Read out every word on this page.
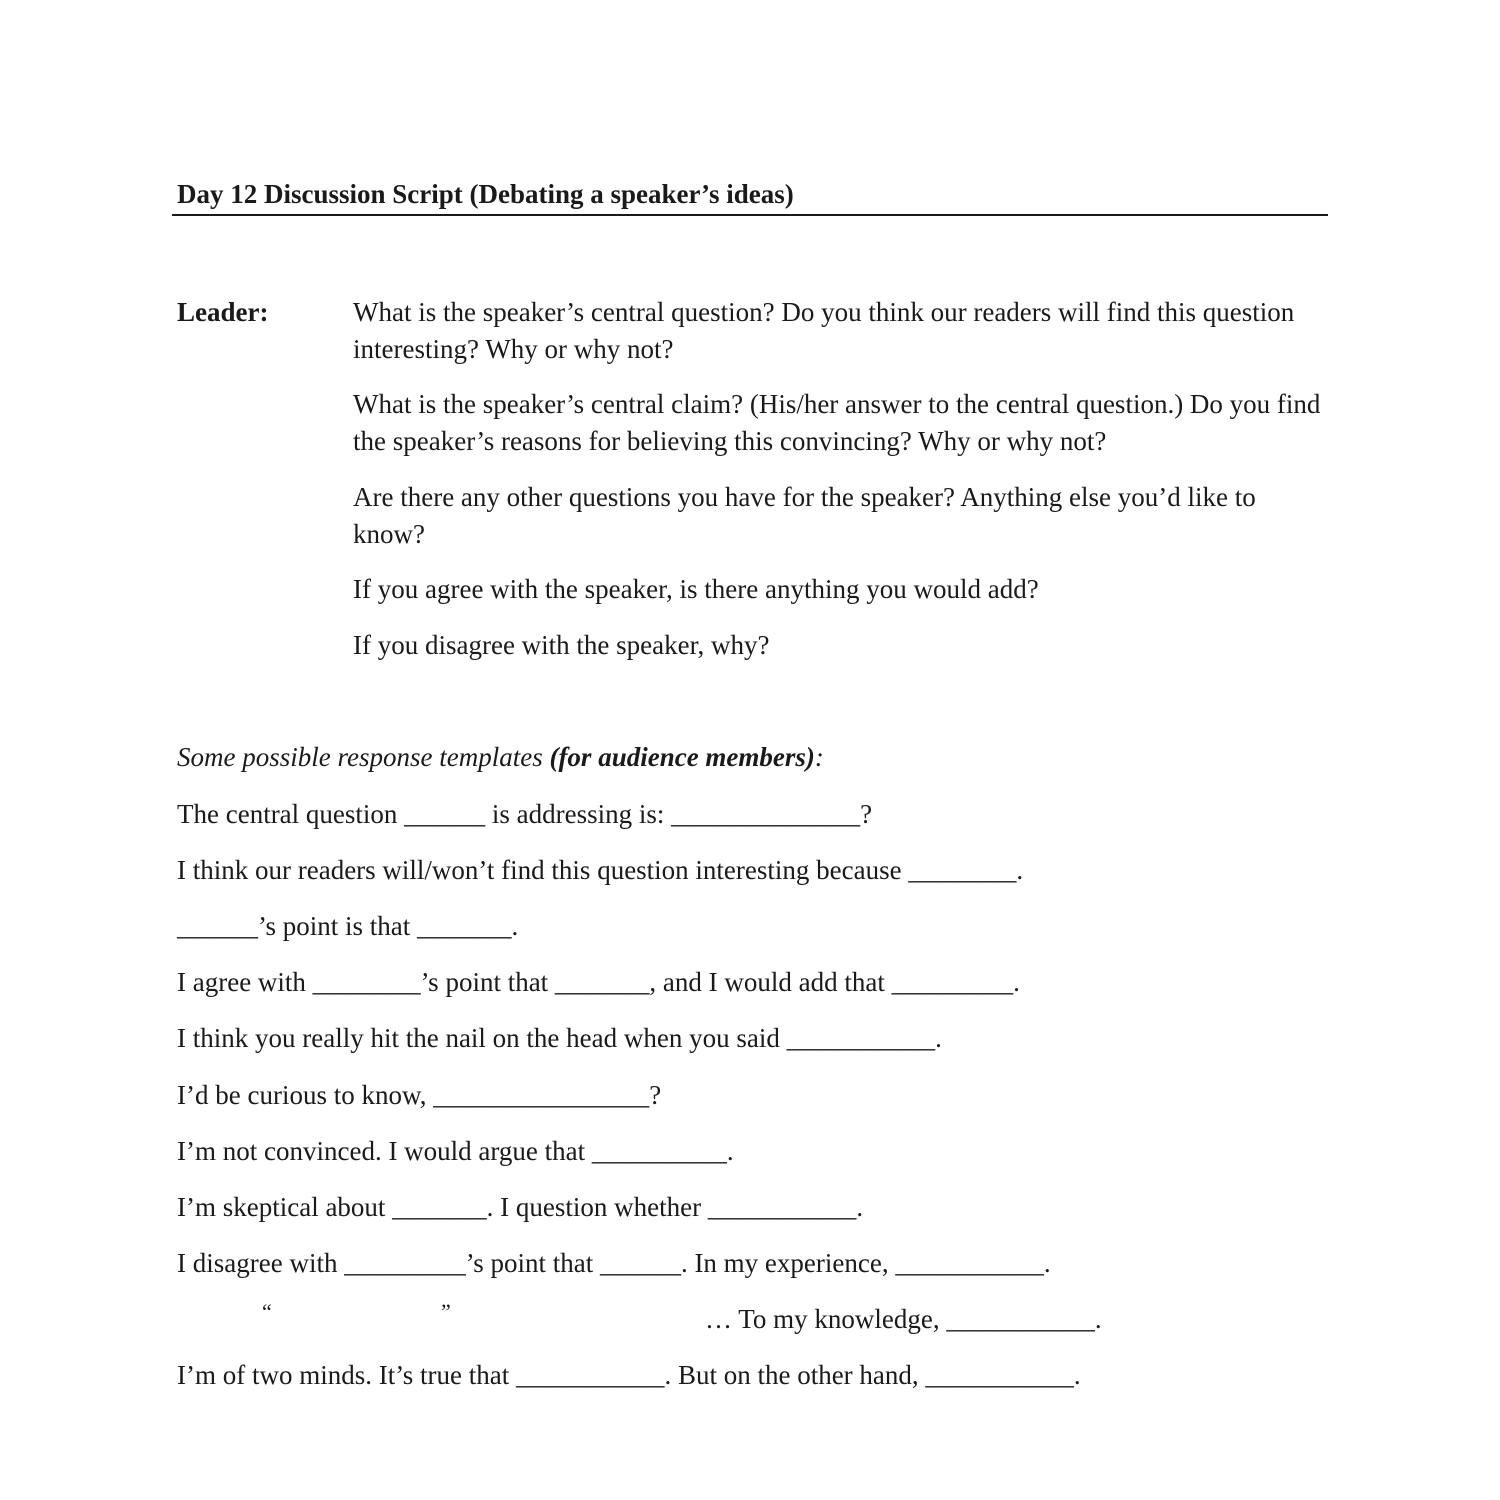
Day 12 Discussion Script (Debating a speaker’s ideas)
Leader:	What is the speaker’s central question? Do you think our readers will find this question interesting? Why or why not?
What is the speaker’s central claim? (His/her answer to the central question.) Do you find the speaker’s reasons for believing this convincing? Why or why not?
Are there any other questions you have for the speaker? Anything else you’d like to know?
If you agree with the speaker, is there anything you would add?
If you disagree with the speaker, why?
Some possible response templates (for audience members):
The central question ______ is addressing is: ______________?
I think our readers will/won’t find this question interesting because ________.
______’s point is that _______.
I agree with ________’s point that _______, and I would add that _________.
I think you really hit the nail on the head when you said ___________.
I’d be curious to know, ________________?
I’m not convinced. I would argue that __________.
I’m skeptical about _______. I question whether ___________.
I disagree with _________’s point that ______. In my experience, ___________.
“	”	… To my knowledge, ___________.
I’m of two minds. It’s true that ___________. But on the other hand, ___________.
